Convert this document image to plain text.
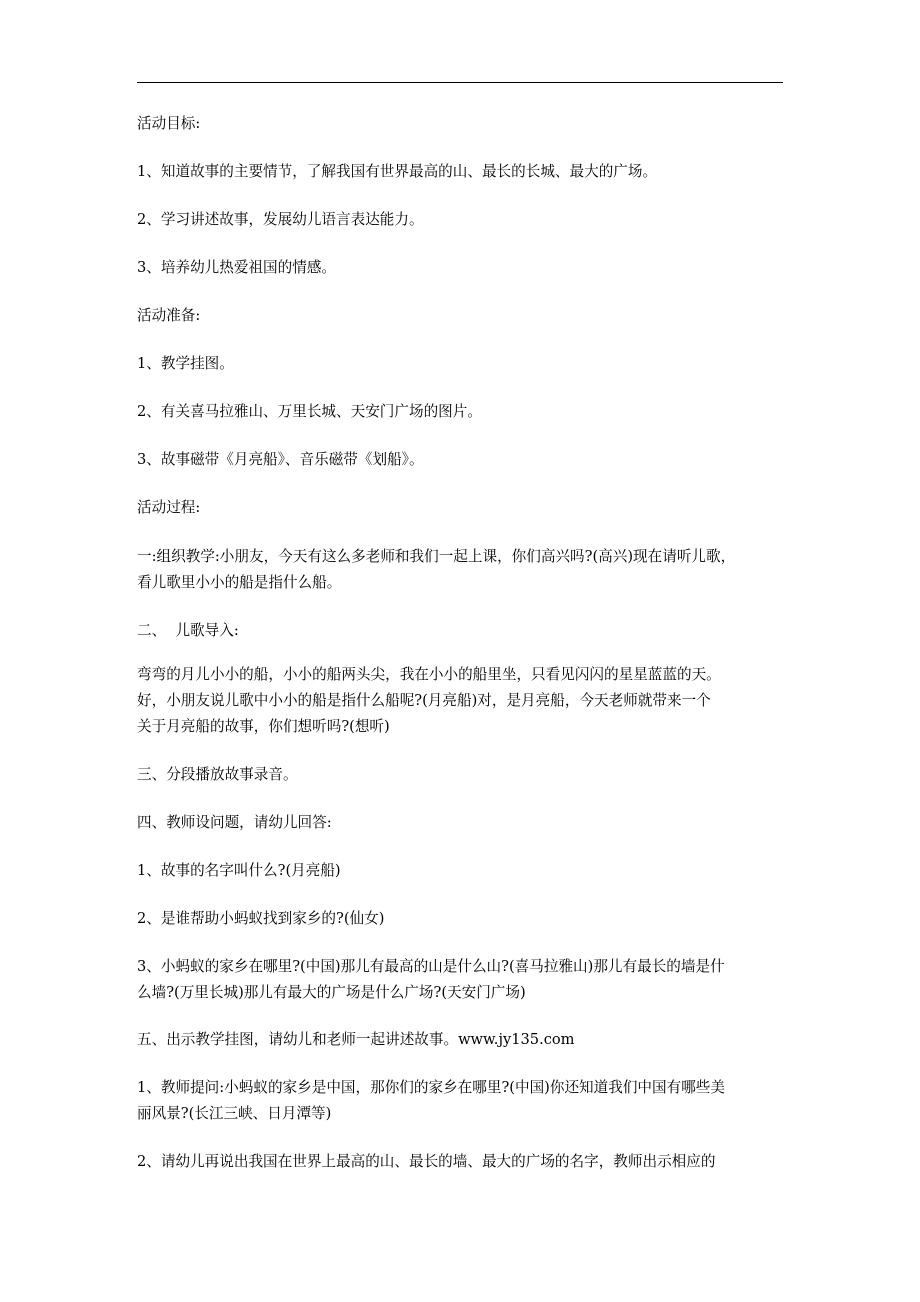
活动目标:
1、知道故事的主要情节，了解我国有世界最高的山、最长的长城、最大的广场。
2、学习讲述故事，发展幼儿语言表达能力。
3、培养幼儿热爱祖国的情感。
活动准备:
1、教学挂图。
2、有关喜马拉雅山、万里长城、天安门广场的图片。
3、故事磁带《月亮船》、音乐磁带《划船》。
活动过程:
一:组织教学:小朋友，今天有这么多老师和我们一起上课，你们高兴吗?(高兴)现在请听儿歌，
看儿歌里小小的船是指什么船。
二、  儿歌导入:
弯弯的月儿小小的船，小小的船两头尖，我在小小的船里坐，只看见闪闪的星星蓝蓝的天。
好，小朋友说儿歌中小小的船是指什么船呢?(月亮船)对，是月亮船，今天老师就带来一个
关于月亮船的故事，你们想听吗?(想听)
三、分段播放故事录音。
四、教师设问题，请幼儿回答:
1、故事的名字叫什么?(月亮船)
2、是谁帮助小蚂蚁找到家乡的?(仙女)
3、小蚂蚁的家乡在哪里?(中国)那儿有最高的山是什么山?(喜马拉雅山)那儿有最长的墙是什
么墙?(万里长城)那儿有最大的广场是什么广场?(天安门广场)
五、出示教学挂图，请幼儿和老师一起讲述故事。www.jy135.com
1、教师提问:小蚂蚁的家乡是中国，那你们的家乡在哪里?(中国)你还知道我们中国有哪些美
丽风景?(长江三峡、日月潭等)
2、请幼儿再说出我国在世界上最高的山、最长的墙、最大的广场的名字，教师出示相应的
